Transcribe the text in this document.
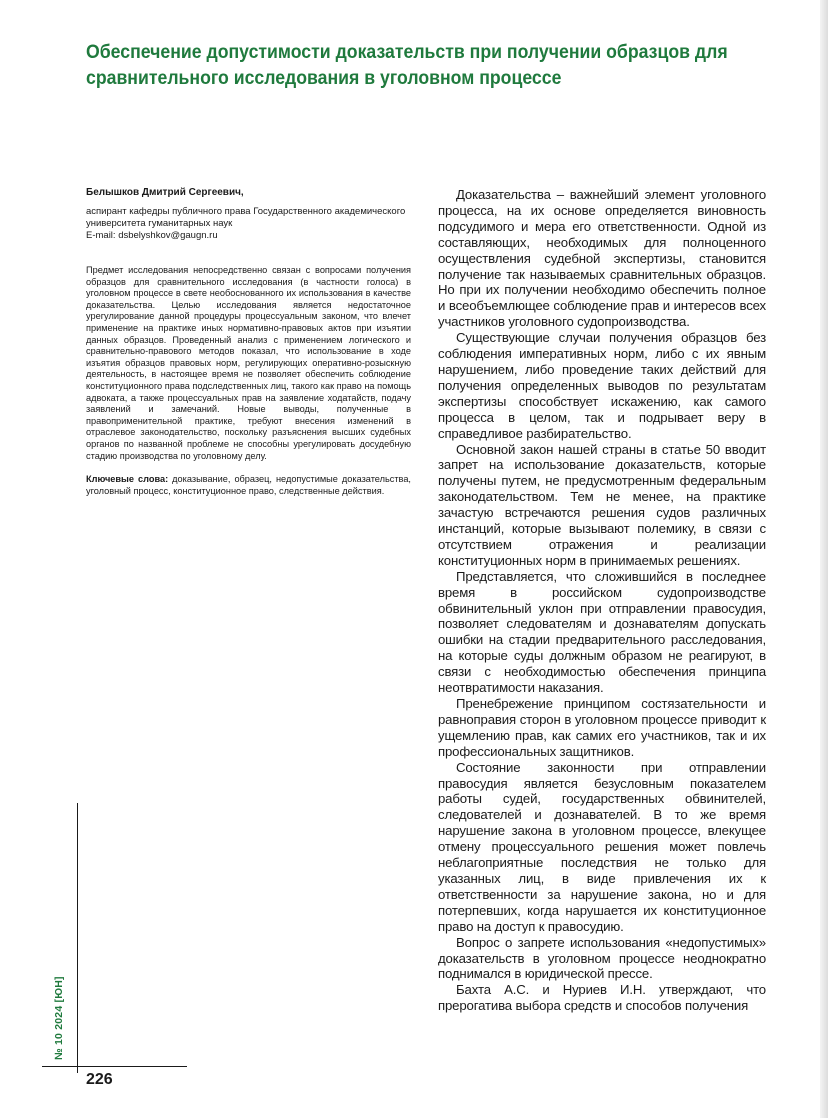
Обеспечение допустимости доказательств при получении образцов для сравнительного исследования в уголовном процессе

Белышков Дмитрий Сергеевич,

аспирант кафедры публичного права Государственного академического университета гуманитарных наук

E-mail: dsbelyshkov@gaugn.ru

Предмет исследования непосредственно связан с вопросами получения образцов для сравнительного исследования (в частности голоса) в уголовном процессе в свете необоснованного их использования в качестве доказательства. Целью исследования является недостаточное урегулирование данной процедуры процессуальным законом, что влечет применение на практике иных нормативно-правовых актов при изъятии данных образцов. Проведенный анализ с применением логического и сравнительно-правового методов показал, что использование в ходе изъятия образцов правовых норм, регулирующих оперативно-розыскную деятельность, в настоящее время не позволяет обеспечить соблюдение конституционного права подследственных лиц, такого как право на помощь адвоката, а также процессуальных прав на заявление ходатайств, подачу заявлений и замечаний. Новые выводы, полученные в правоприменительной практике, требуют внесения изменений в отраслевое законодательство, поскольку разъяснения высших судебных органов по названной проблеме не способны урегулировать досудебную стадию производства по уголовному делу.

Ключевые слова: доказывание, образец, недопустимые доказательства, уголовный процесс, конституционное право, следственные действия.

Доказательства – важнейший элемент уголовного процесса, на их основе определяется виновность подсудимого и мера его ответственности. Одной из составляющих, необходимых для полноценного осуществления судебной экспертизы, становится получение так называемых сравнительных образцов. Но при их получении необходимо обеспечить полное и всеобъемлющее соблюдение прав и интересов всех участников уголовного судопроизводства.

Существующие случаи получения образцов без соблюдения императивных норм, либо с их явным нарушением, либо проведение таких действий для получения определенных выводов по результатам экспертизы способствует искажению, как самого процесса в целом, так и подрывает веру в справедливое разбирательство.

Основной закон нашей страны в статье 50 вводит запрет на использование доказательств, которые получены путем, не предусмотренным федеральным законодательством. Тем не менее, на практике зачастую встречаются решения судов различных инстанций, которые вызывают полемику, в связи с отсутствием отражения и реализации конституционных норм в принимаемых решениях.

Представляется, что сложившийся в последнее время в российском судопроизводстве обвинительный уклон при отправлении правосудия, позволяет следователям и дознавателям допускать ошибки на стадии предварительного расследования, на которые суды должным образом не реагируют, в связи с необходимостью обеспечения принципа неотвратимости наказания.

Пренебрежение принципом состязательности и равноправия сторон в уголовном процессе приводит к ущемлению прав, как самих его участников, так и их профессиональных защитников.

Состояние законности при отправлении правосудия является безусловным показателем работы судей, государственных обвинителей, следователей и дознавателей. В то же время нарушение закона в уголовном процессе, влекущее отмену процессуального решения может повлечь неблагоприятные последствия не только для указанных лиц, в виде привлечения их к ответственности за нарушение закона, но и для потерпевших, когда нарушается их конституционное право на доступ к правосудию.

Вопрос о запрете использования «недопустимых» доказательств в уголовном процессе неоднократно поднимался в юридической прессе.

Бахта А.С. и Нуриев И.Н. утверждают, что прерогатива выбора средств и способов получения

№ 10 2024 [ЮН]
226
